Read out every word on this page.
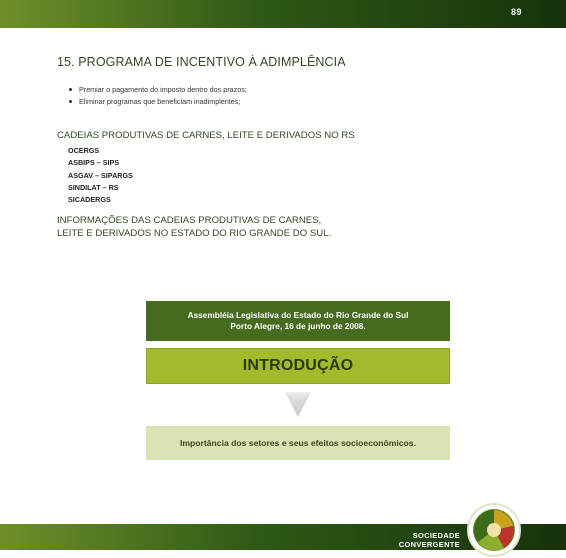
89
15. PROGRAMA DE INCENTIVO À ADIMPLÊNCIA
Premiar o pagamento do imposto dentro dos prazos;
Eliminar programas que beneficiam inadimplentes;
CADEIAS PRODUTIVAS DE CARNES, LEITE E DERIVADOS NO RS
OCERGS
ASBIPS – SIPS
ASGAV – SIPARGS
SINDILAT – RS
SICADERGS
INFORMAÇÕES DAS CADEIAS PRODUTIVAS DE CARNES,
LEITE E DERIVADOS NO ESTADO DO RIO GRANDE DO SUL.
Assembléia Legislativa do Estado do Rio Grande do Sul
Porto Alegre, 16 de junho de 2008.
INTRODUÇÃO
Importância dos setores e seus efeitos socioeconômicos.
SOCIEDADE
CONVERGENTE
